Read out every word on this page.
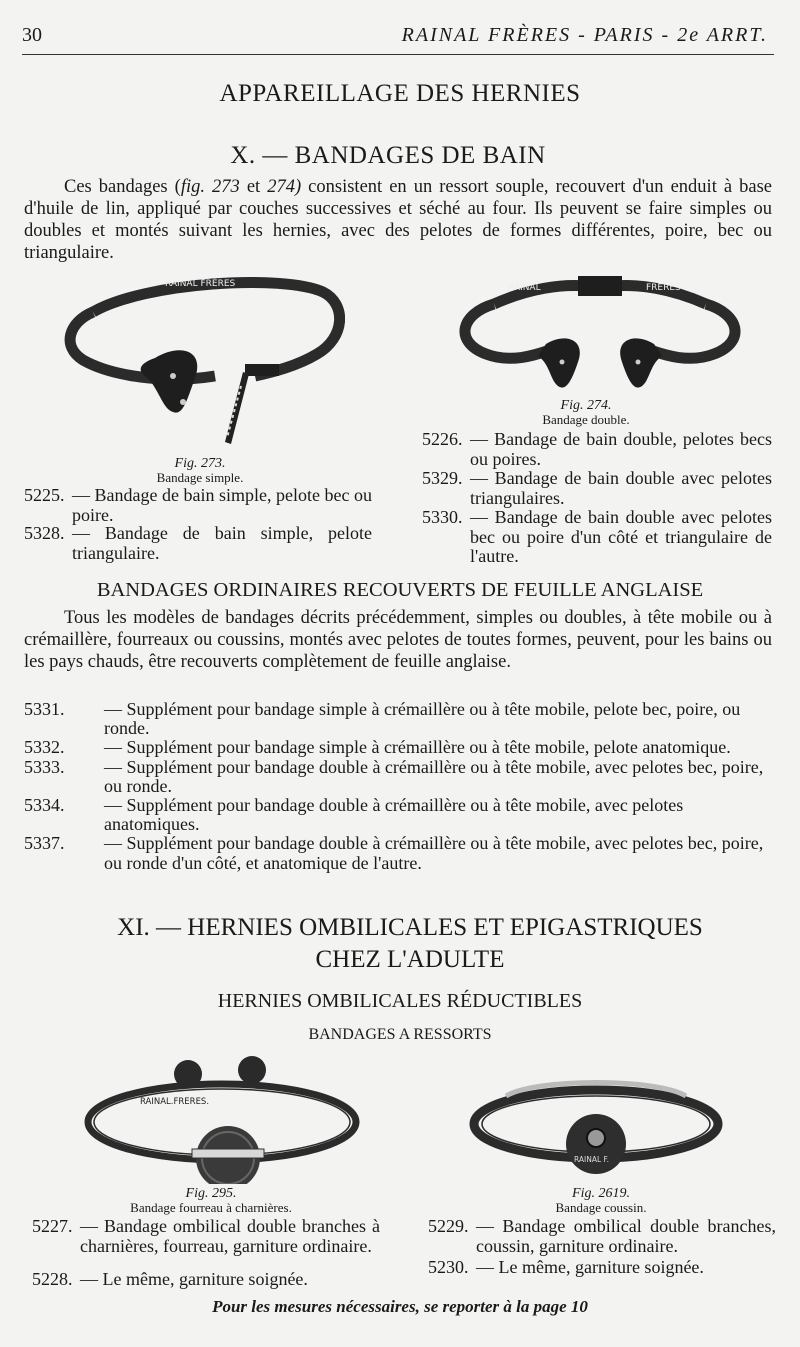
30	RAINAL FRÈRES - PARIS - 2e ARRT.
APPAREILLAGE DES HERNIES
X. — BANDAGES DE BAIN
Ces bandages (fig. 273 et 274) consistent en un ressort souple, recouvert d'un enduit à base d'huile de lin, appliqué par couches successives et séché au four. Ils peuvent se faire simples ou doubles et montés suivant les hernies, avec des pelotes de formes différentes, poire, bec ou triangulaire.
RAINAL FRÈRES
Fig. 273.
Bandage simple.
RAINAL	FRERES
Fig. 274.
Bandage double.
5225. — Bandage de bain simple, pelote bec ou poire.
5328. — Bandage de bain simple, pelote triangulaire.
5226. — Bandage de bain double, pelotes becs ou poires.
5329. — Bandage de bain double avec pelotes triangulaires.
5330. — Bandage de bain double avec pelotes bec ou poire d'un côté et triangulaire de l'autre.
BANDAGES ORDINAIRES RECOUVERTS DE FEUILLE ANGLAISE
Tous les modèles de bandages décrits précédemment, simples ou doubles, à tête mobile ou à crémaillère, fourreaux ou coussins, montés avec pelotes de toutes formes, peuvent, pour les bains ou les pays chauds, être recouverts complètement de feuille anglaise.
5331.	— Supplément pour bandage simple à crémaillère ou à tête mobile, pelote bec, poire, ou ronde.
5332.	— Supplément pour bandage simple à crémaillère ou à tête mobile, pelote anatomique.
5333.	— Supplément pour bandage double à crémaillère ou à tête mobile, avec pelotes bec, poire, ou ronde.
5334.	— Supplément pour bandage double à crémaillère ou à tête mobile, avec pelotes anatomiques.
5337.	— Supplément pour bandage double à crémaillère ou à tête mobile, avec pelotes bec, poire, ou ronde d'un côté, et anatomique de l'autre.
XI. — HERNIES OMBILICALES ET EPIGASTRIQUES
CHEZ L'ADULTE
HERNIES OMBILICALES RÉDUCTIBLES
BANDAGES A RESSORTS
RAINAL.FRERES.
Fig. 295.
Bandage fourreau à charnières.
RAINAL F.
Fig. 2619.
Bandage coussin.
5227. — Bandage ombilical double branches à charnières, fourreau, garniture ordinaire.
5228. — Le même, garniture soignée.
5229. — Bandage ombilical double branches, coussin, garniture ordinaire.
5230. — Le même, garniture soignée.
Pour les mesures nécessaires, se reporter à la page 10
